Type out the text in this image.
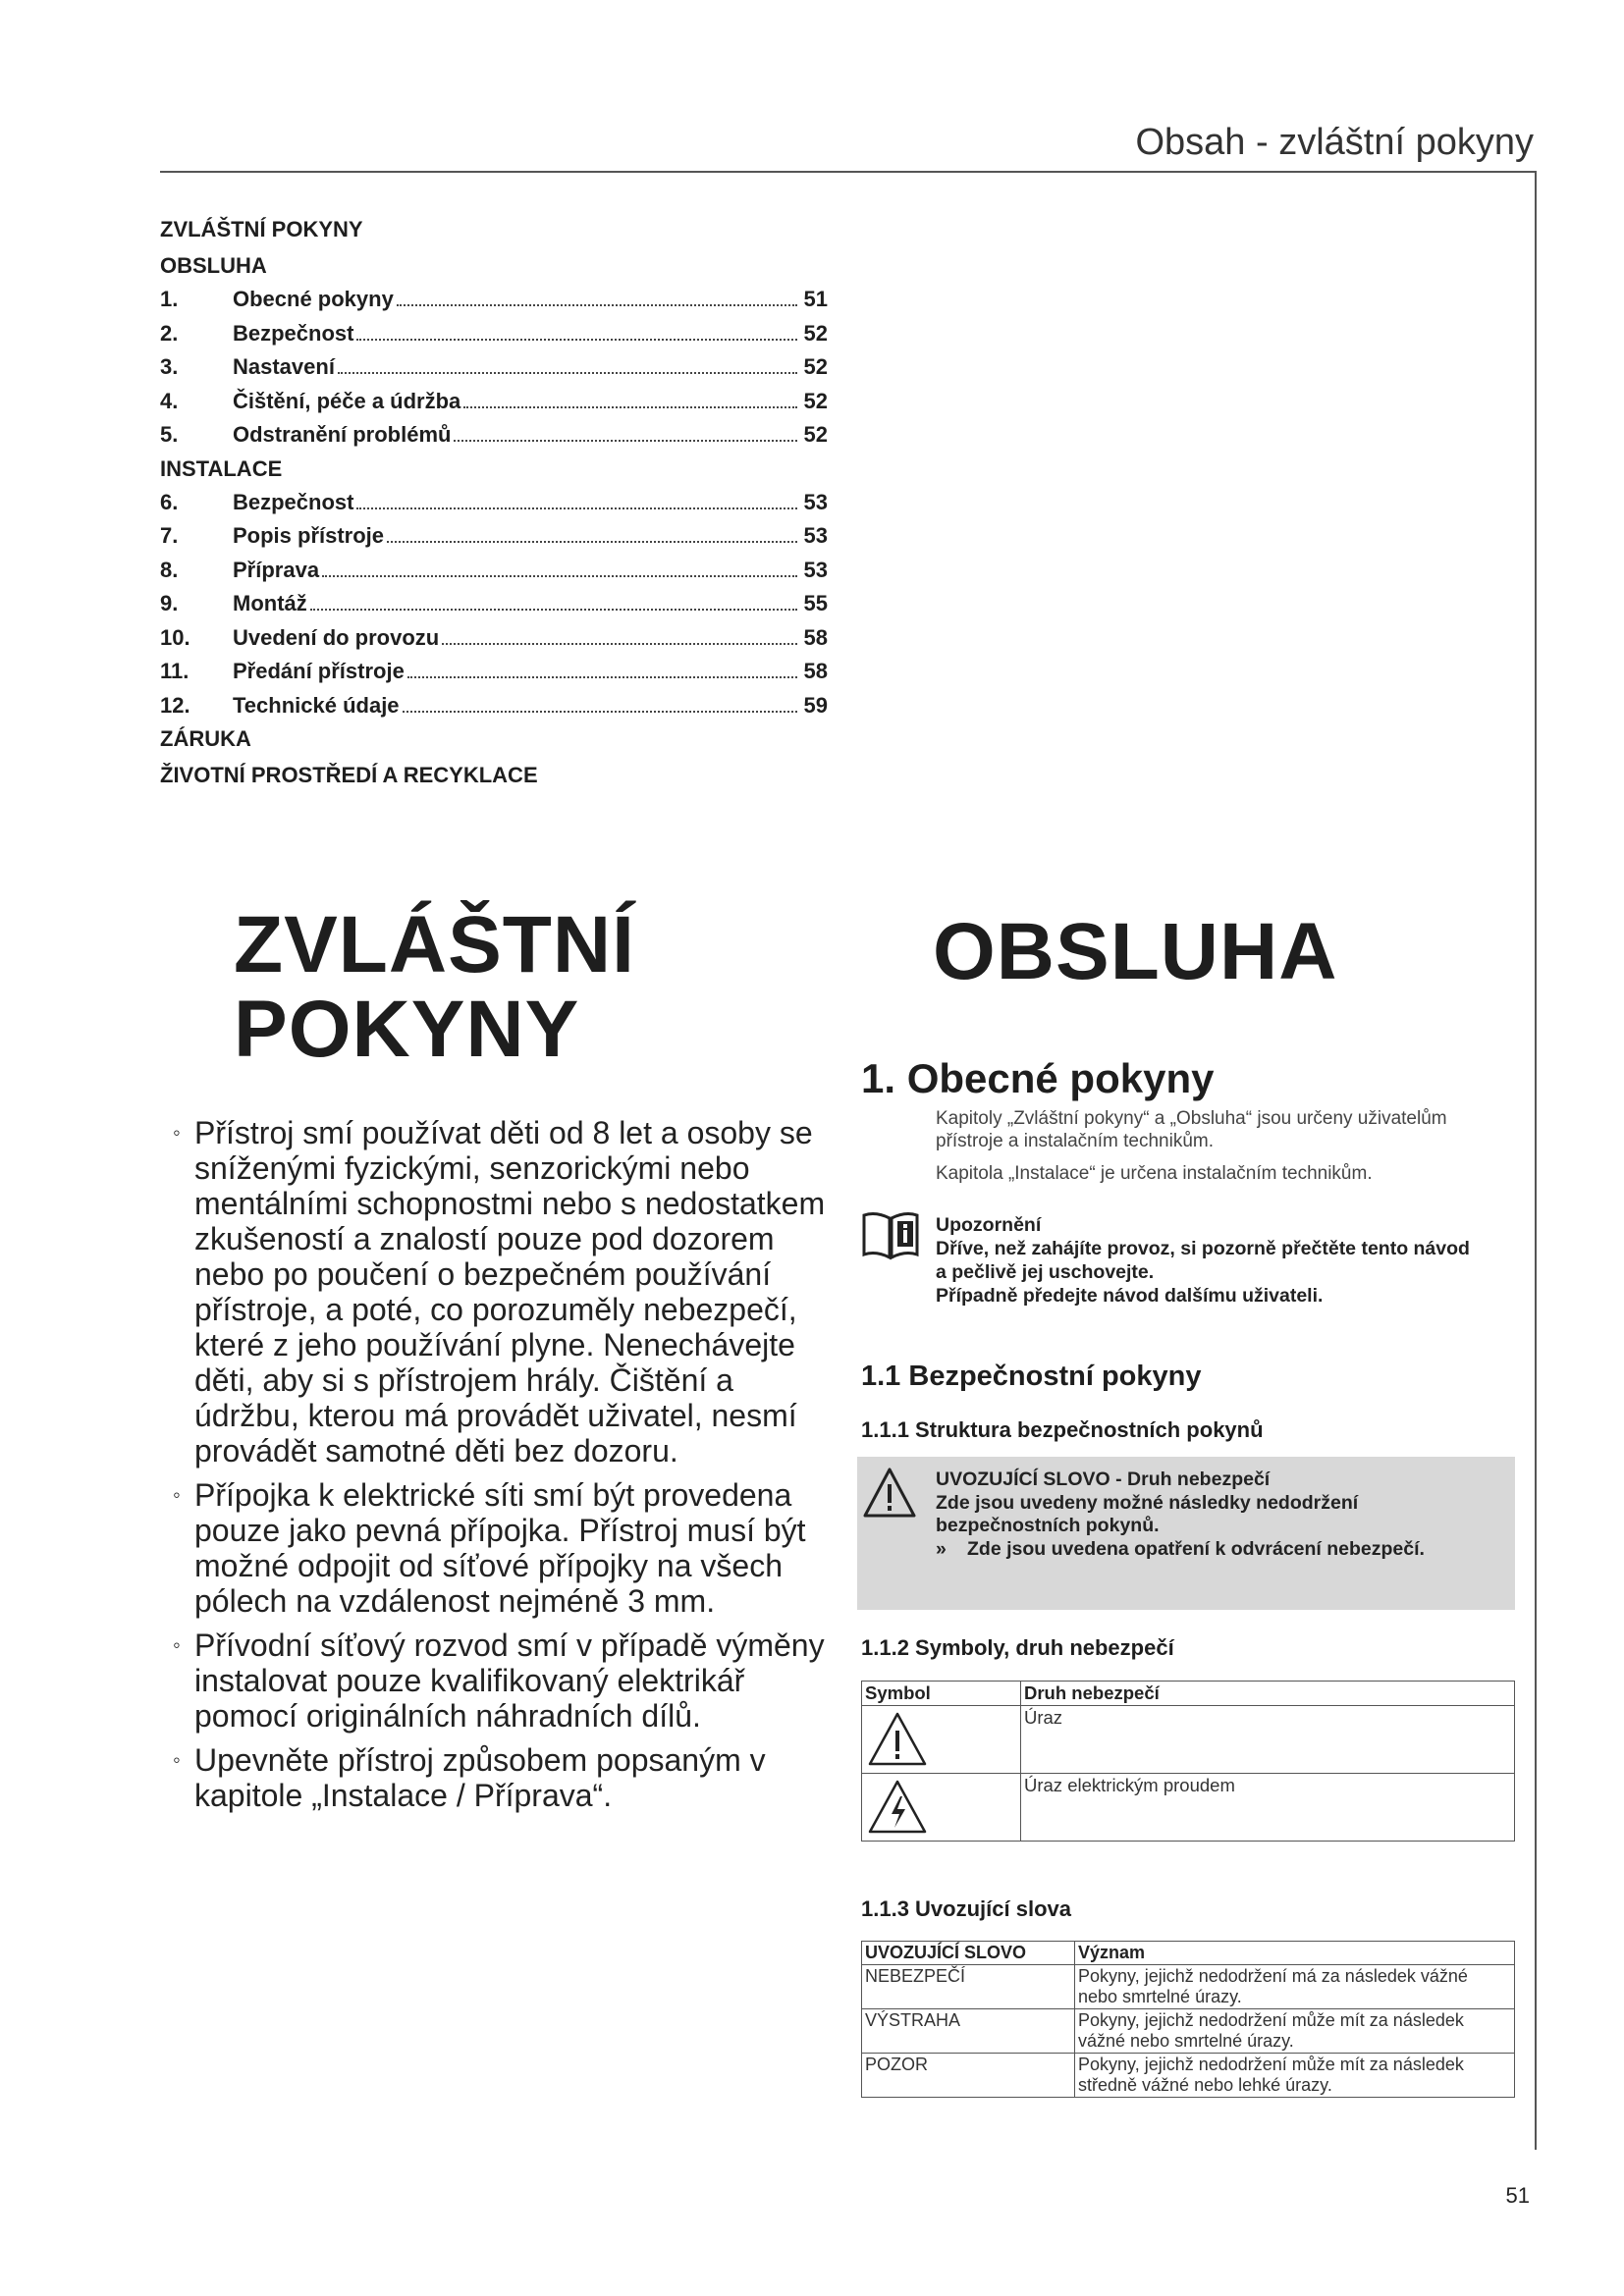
Obsah - zvláštní pokyny
ZVLÁŠTNÍ POKYNY
OBSLUHA
1.	Obecné pokyny	51
2.	Bezpečnost	52
3.	Nastavení	52
4.	Čištění, péče a údržba	52
5.	Odstranění problémů	52
INSTALACE
6.	Bezpečnost	53
7.	Popis přístroje	53
8.	Příprava	53
9.	Montáž	55
10.	Uvedení do provozu	58
11.	Předání přístroje	58
12.	Technické údaje	59
ZÁRUKA
ŽIVOTNÍ PROSTŘEDÍ A RECYKLACE
ZVLÁŠTNÍ
POKYNY
◦ Přístroj smí používat děti od 8 let a osoby se sníženými fyzickými, senzorickými nebo mentálními schopnostmi nebo s nedostatkem zkušeností a znalostí pouze pod dozorem nebo po poučení o bezpečném používání přístroje, a poté, co porozuměly nebezpečí, které z jeho používání plyne. Nenechávejte děti, aby si s přístrojem hrály. Čištění a údržbu, kterou má provádět uživatel, nesmí provádět samotné děti bez dozoru.
◦ Přípojka k elektrické síti smí být provedena pouze jako pevná přípojka. Přístroj musí být možné odpojit od síťové přípojky na všech pólech na vzdálenost nejméně 3 mm.
◦ Přívodní síťový rozvod smí v případě výměny instalovat pouze kvalifikovaný elektrikář pomocí originálních náhradních dílů.
◦ Upevněte přístroj způsobem popsaným v kapitole „Instalace / Příprava“.
OBSLUHA
1. Obecné pokyny

Kapitoly „Zvláštní pokyny“ a „Obsluha“ jsou určeny uživatelům přístroje a instalačním technikům.

Kapitola „Instalace“ je určena instalačním technikům.

Upozornění
Dříve, než zahájíte provoz, si pozorně přečtěte tento návod a pečlivě jej uschovejte.
Případně předejte návod dalšímu uživateli.
1.1 Bezpečnostní pokyny
1.1.1 Struktura bezpečnostních pokynů
UVOZUJÍCÍ SLOVO - Druh nebezpečí
Zde jsou uvedeny možné následky nedodržení bezpečnostních pokynů.
» Zde jsou uvedena opatření k odvrácení nebezpečí.
1.1.2 Symboly, druh nebezpečí
Symbol	Druh nebezpečí

	Úraz

	Úraz elektrickým proudem
1.1.3 Uvozující slova
UVOZUJÍCÍ SLOVO	Význam
NEBEZPEČÍ	Pokyny, jejichž nedodržení má za následek vážné nebo smrtelné úrazy.
VÝSTRAHA	Pokyny, jejichž nedodržení může mít za následek vážné nebo smrtelné úrazy.
POZOR	Pokyny, jejichž nedodržení může mít za následek středně vážné nebo lehké úrazy.
51
